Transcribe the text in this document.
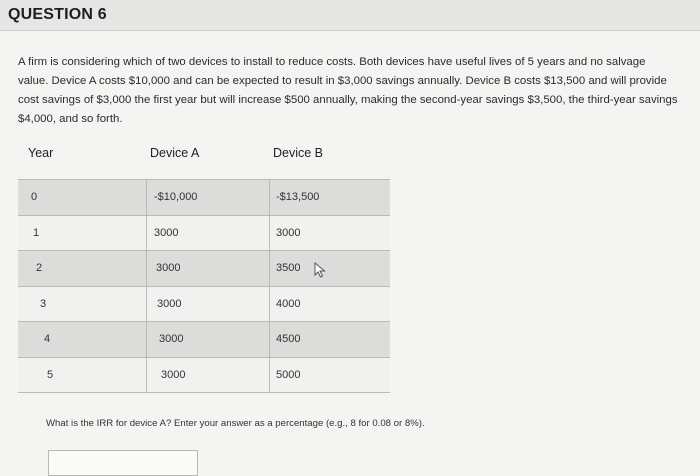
QUESTION 6
A firm is considering which of two devices to install to reduce costs. Both devices have useful lives of 5 years and no salvage value. Device A costs $10,000 and can be expected to result in $3,000 savings annually. Device B costs $13,500 and will provide cost savings of $3,000 the first year but will increase $500 annually, making the second-year savings $3,500, the third-year savings $4,000, and so forth.
Year	Device A	Device B
0	-$10,000	-$13,500
1	3000	3000
2	3000	3500
3	3000	4000
4	3000	4500
5	3000	5000
What is the IRR for device A? Enter your answer as a percentage (e.g., 8 for 0.08 or 8%).
